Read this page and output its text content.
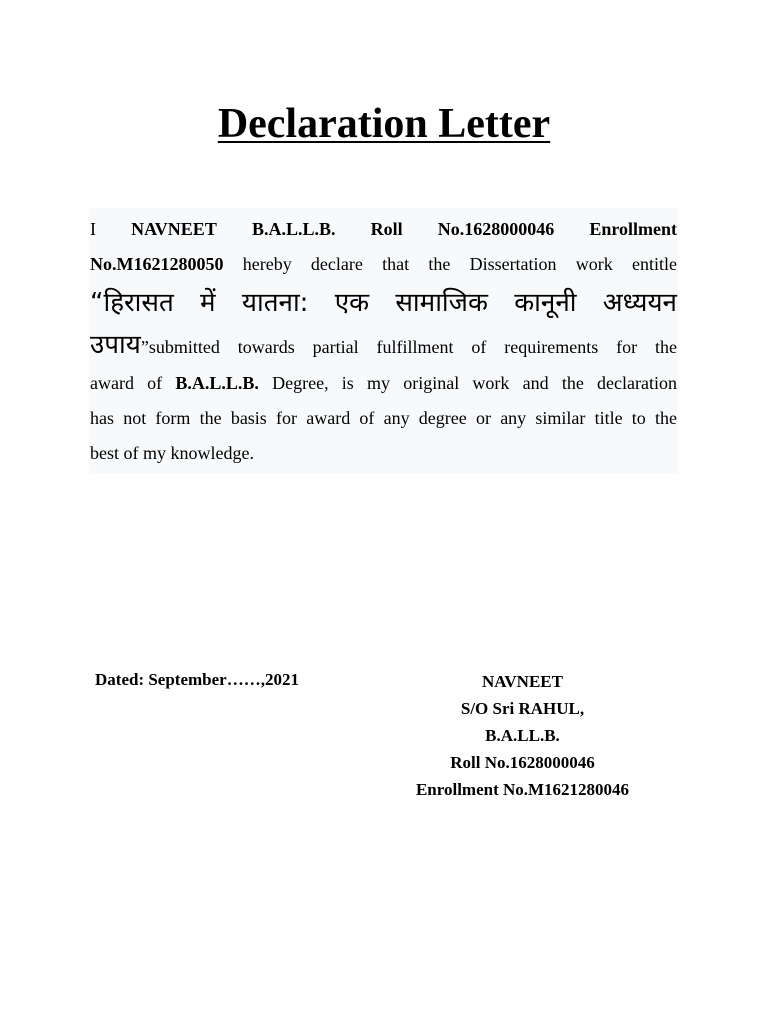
Declaration Letter
I NAVNEET B.A.L.L.B. Roll No.1628000046 Enrollment
No.M1621280050 hereby declare that the Dissertation work entitle
“हिरासत में यातना: एक सामाजिक कानूनी अध्ययन
उपाय”submitted towards partial fulfillment of requirements for the
award of B.A.L.L.B. Degree, is my original work and the declaration
has not form the basis for award of any degree or any similar title to the
best of my knowledge.

Dated: September……,2021	NAVNEET
S/O Sri RAHUL,
B.A.LL.B.
Roll No.1628000046
Enrollment No.M1621280046
